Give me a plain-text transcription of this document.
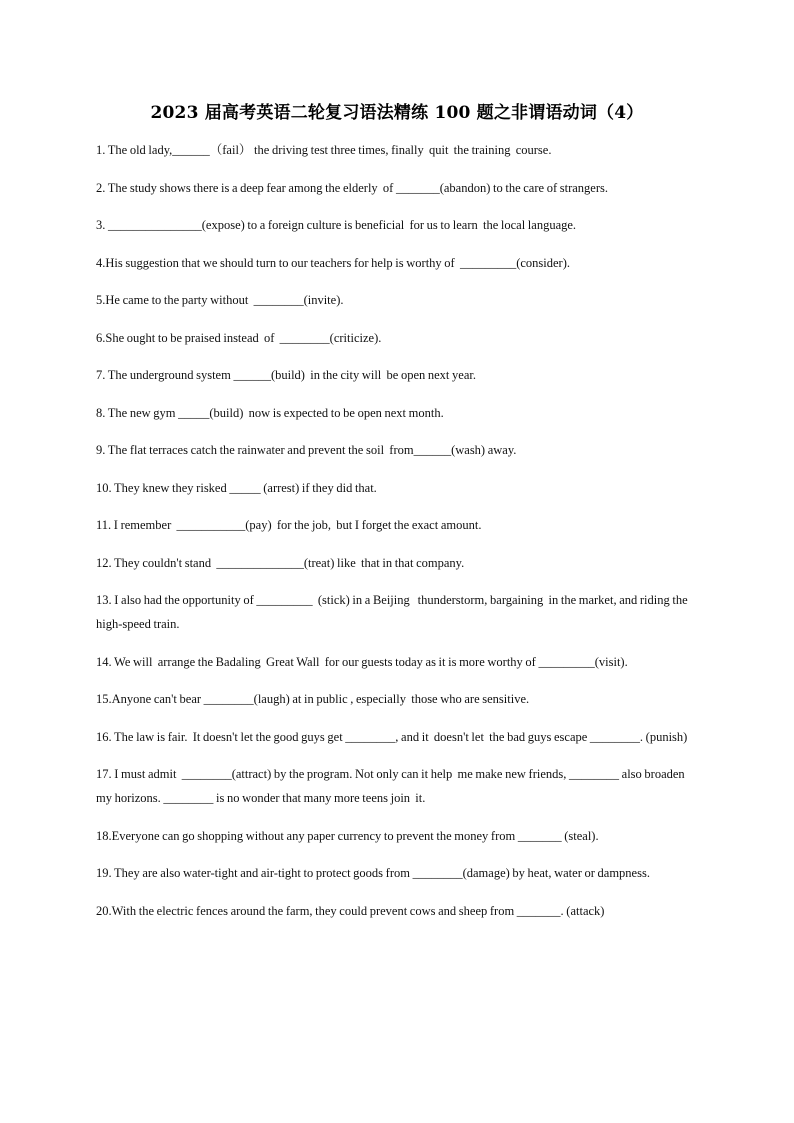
2023 届高考英语二轮复习语法精练 100 题之非谓语动词（4）
1. The old lady,______（fail） the driving test three times, finally  quit  the training  course.
2. The study shows there is a deep fear among the elderly  of _______(abandon) to the care of strangers.
3. _______________(expose) to a foreign culture is beneficial  for us to learn  the local language.
4.His suggestion that we should turn to our teachers for help is worthy of  _________(consider).
5.He came to the party without  ________(invite).
6.She ought to be praised instead  of  ________(criticize).
7. The underground system ______(build)  in the city will  be open next year.
8. The new gym _____(build)  now is expected to be open next month.
9. The flat terraces catch the rainwater and prevent the soil  from______(wash) away.
10. They knew they risked _____ (arrest) if they did that.
11. I remember  ___________(pay)  for the job,  but I forget the exact amount.
12. They couldn't stand  ______________(treat) like  that in that company.
13. I also had the opportunity of _________  (stick) in a Beijing   thunderstorm, bargaining  in the market, and riding the high-speed train.
14. We will  arrange the Badaling  Great Wall  for our guests today as it is more worthy of _________(visit).
15.Anyone can't bear ________(laugh) at in public , especially  those who are sensitive.
16. The law is fair.  It doesn't let the good guys get ________, and it  doesn't let  the bad guys escape ________. (punish)
17. I must admit  ________(attract) by the program. Not only can it help  me make new friends, ________ also broaden my horizons. ________ is no wonder that many more teens join  it.
18.Everyone can go shopping without any paper currency to prevent the money from _______ (steal).
19. They are also water-tight and air-tight to protect goods from ________(damage) by heat, water or dampness.
20.With the electric fences around the farm, they could prevent cows and sheep from _______. (attack)
